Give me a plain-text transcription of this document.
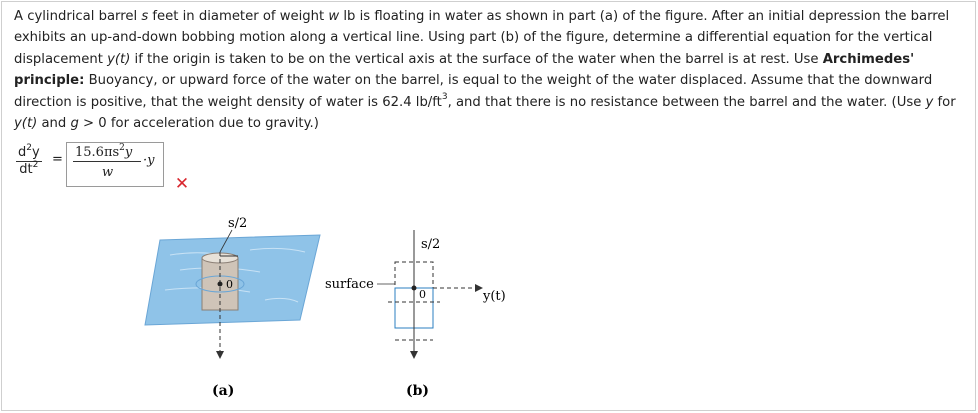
A cylindrical barrel s feet in diameter of weight w lb is floating in water as shown in part (a) of the figure. After an initial depression the barrel exhibits an up-and-down bobbing motion along a vertical line. Using part (b) of the figure, determine a differential equation for the vertical displacement y(t) if the origin is taken to be on the vertical axis at the surface of the water when the barrel is at rest. Use Archimedes' principle: Buoyancy, or upward force of the water on the barrel, is equal to the weight of the water displaced. Assume that the downward direction is positive, that the weight density of water is 62.4 $lb/ft^3$, and that there is no resistance between the barrel and the water. (Use y for y(t) and g > 0 for acceleration due to gravity.)

$\frac{d^2y}{dt^2} = 15.6\pi s^2y$
w
·y
✕
0
s/2
(a)
surface
0
s/2
y(t)
(b)
